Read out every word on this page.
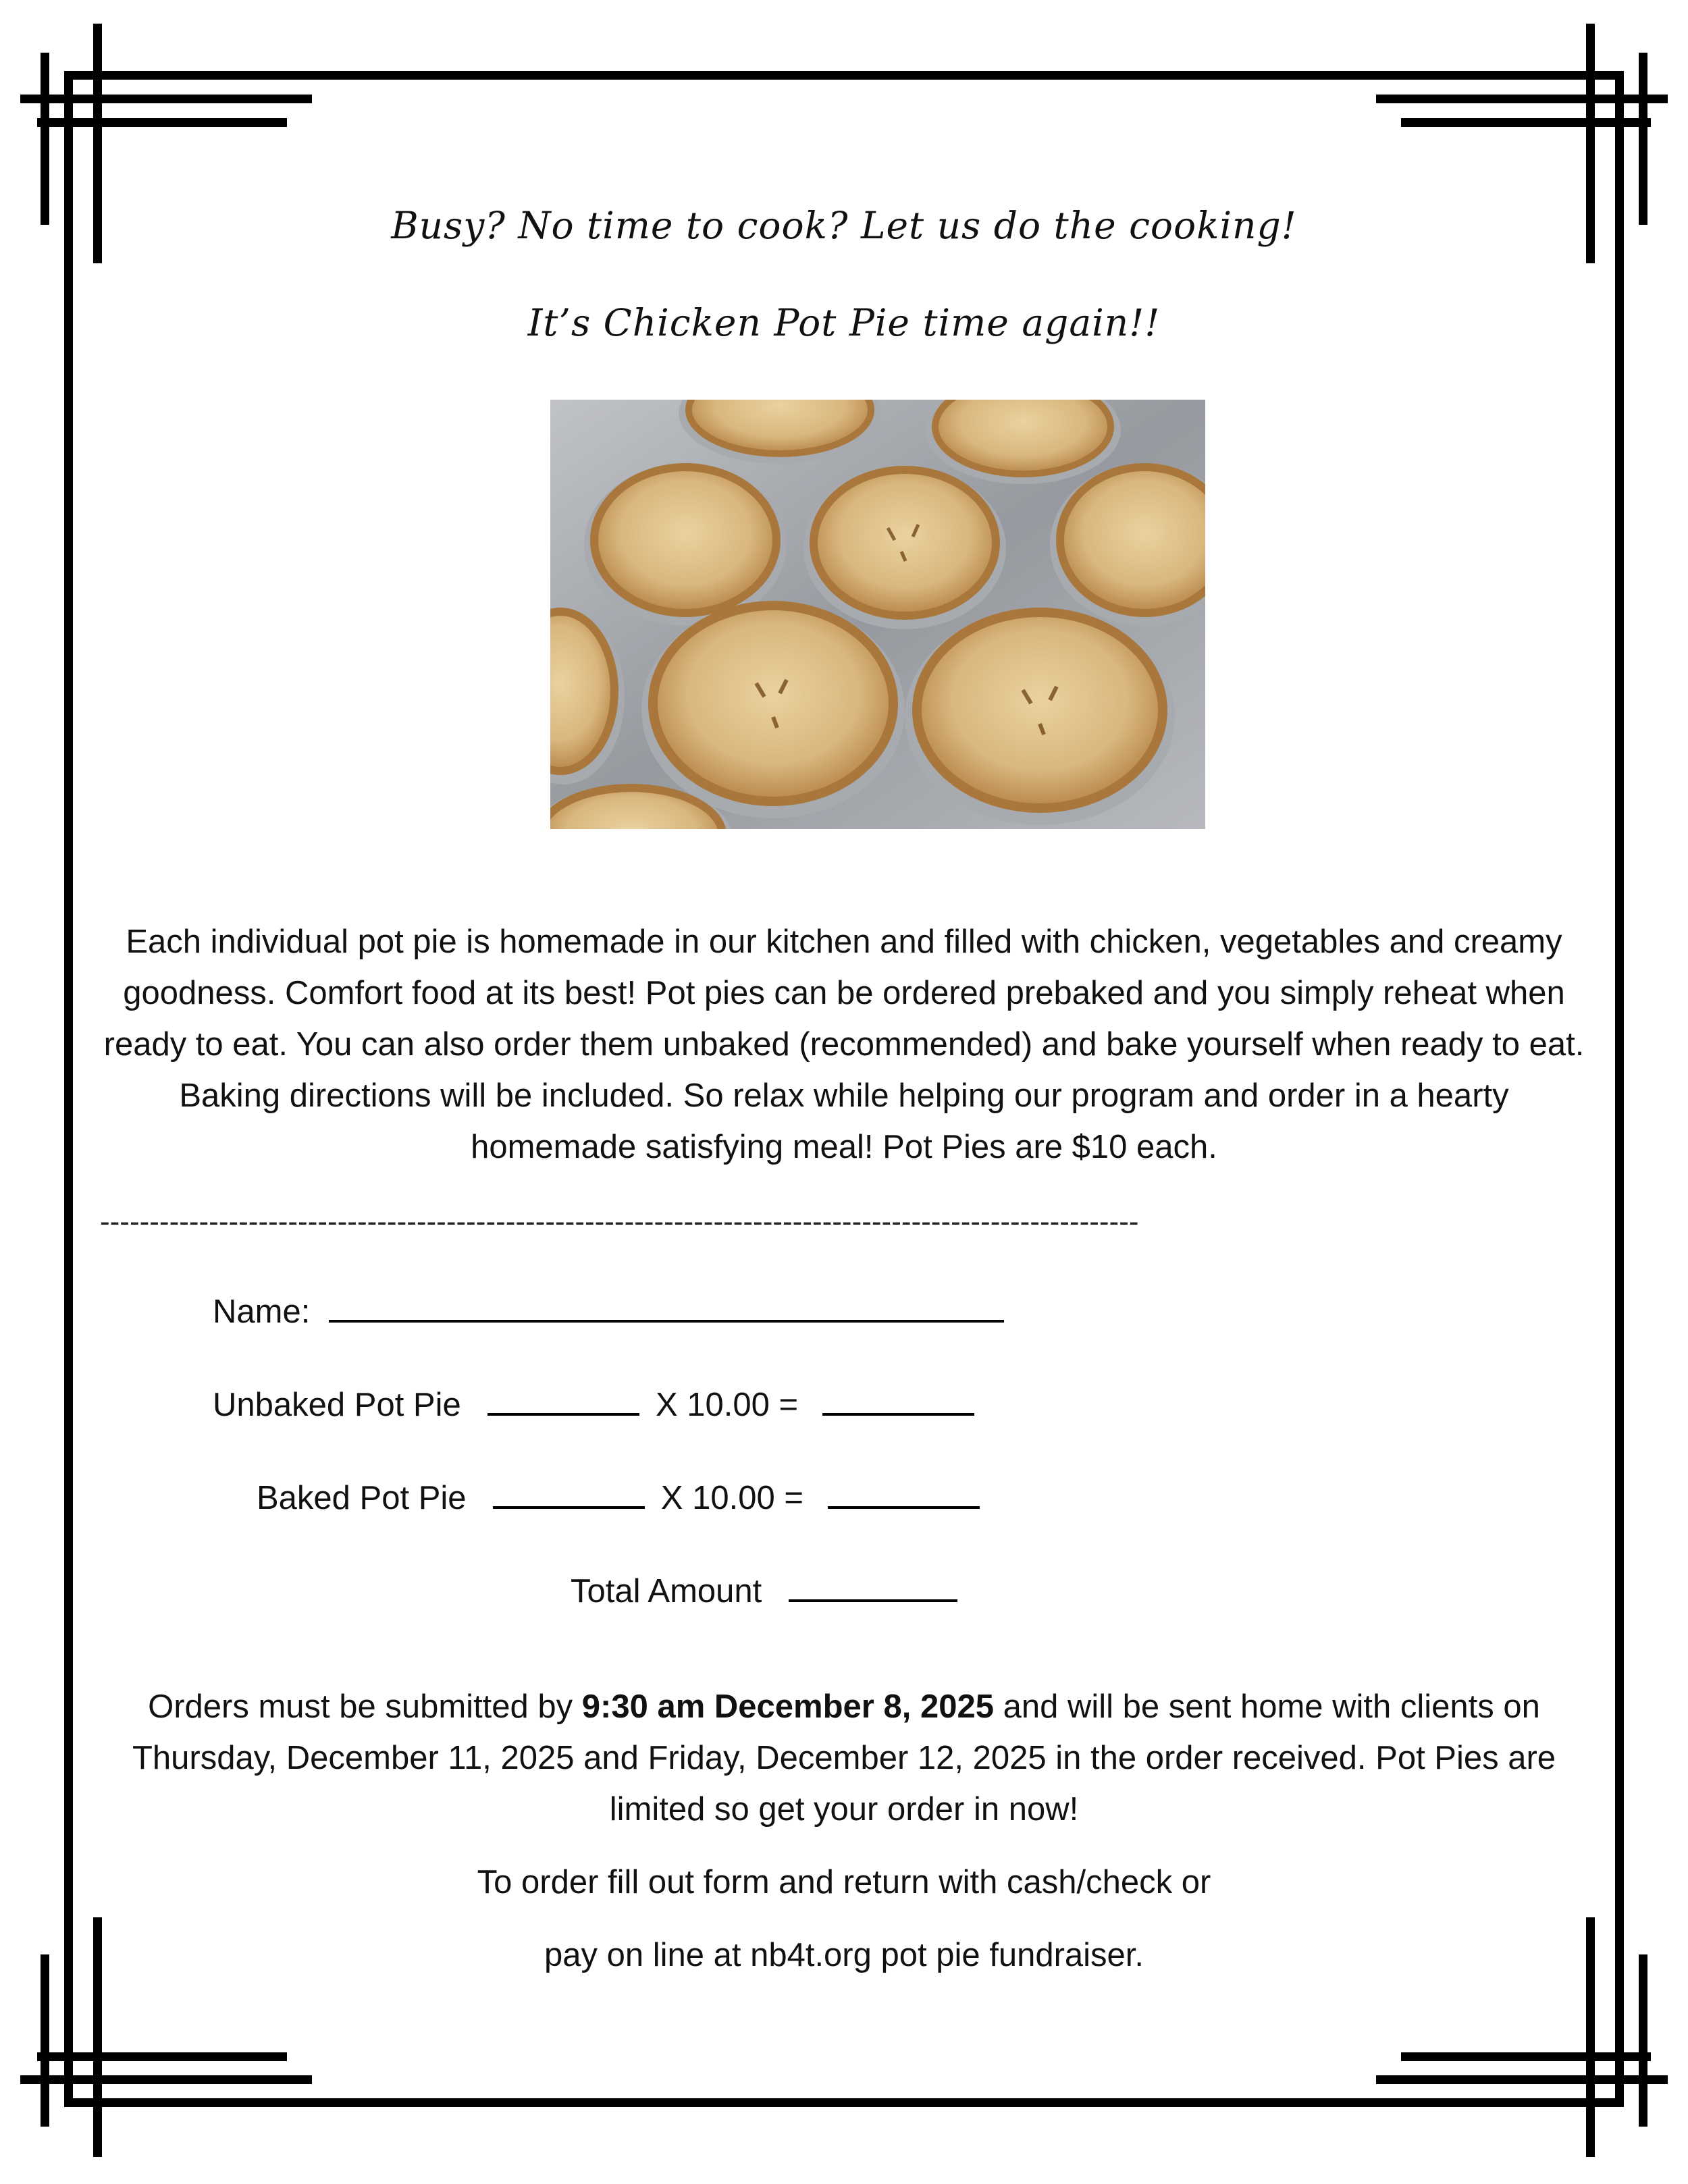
Busy? No time to cook? Let us do the cooking!
It’s Chicken Pot Pie time again!!
Each individual pot pie is homemade in our kitchen and filled with chicken, vegetables and creamy goodness. Comfort food at its best! Pot pies can be ordered prebaked and you simply reheat when ready to eat. You can also order them unbaked (recommended) and bake yourself when ready to eat. Baking directions will be included. So relax while helping our program and order in a hearty homemade satisfying meal! Pot Pies are $10 each.
---------------------------------------------------------------------------------------------------------
Name:
Unbaked Pot Pie	X 10.00 =
Baked Pot Pie	X 10.00 =
Total Amount
Orders must be submitted by 9:30 am December 8, 2025 and will be sent home with clients on Thursday, December 11, 2025 and Friday, December 12, 2025 in the order received. Pot Pies are limited so get your order in now!
To order fill out form and return with cash/check or
pay on line at nb4t.org pot pie fundraiser.
